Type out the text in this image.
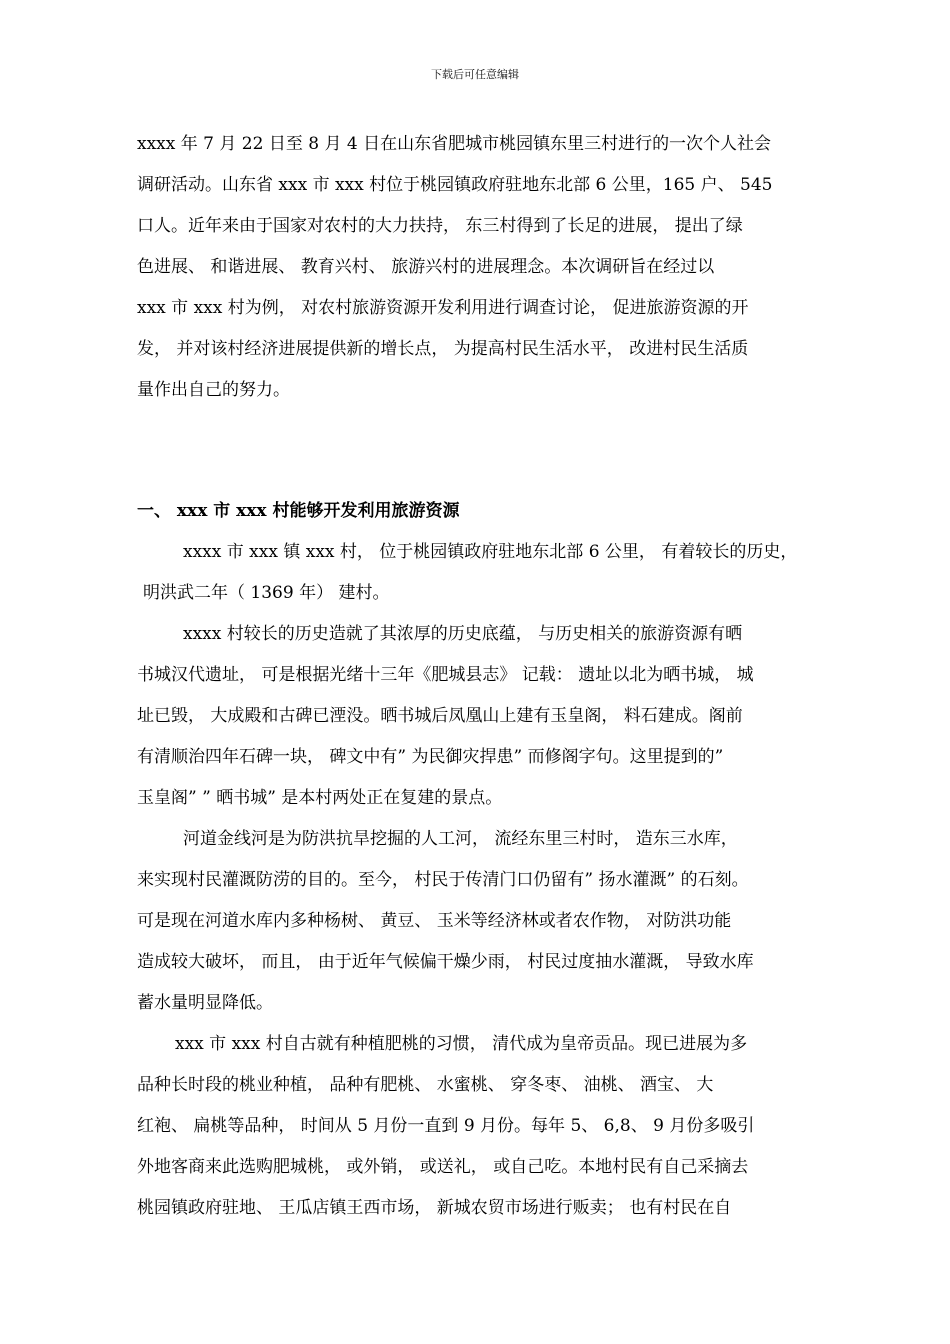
下载后可任意编辑
xxxx 年 7 月 22 日至 8 月 4 日在山东省肥城市桃园镇东里三村进行的一次个人社会
调研活动。山东省 xxx 市 xxx 村位于桃园镇政府驻地东北部 6 公里，165 户、 545
口人。近年来由于国家对农村的大力扶持， 东三村得到了长足的进展， 提出了绿
色进展、 和谐进展、 教育兴村、 旅游兴村的进展理念。本次调研旨在经过以
xxx 市 xxx 村为例， 对农村旅游资源开发利用进行调查讨论， 促进旅游资源的开
发， 并对该村经济进展提供新的增长点， 为提高村民生活水平， 改进村民生活质
量作出自己的努力。
一、 xxx 市 xxx 村能够开发利用旅游资源
xxxx 市 xxx 镇 xxx 村， 位于桃园镇政府驻地东北部 6 公里， 有着较长的历史，
明洪武二年（ 1369 年） 建村。
xxxx 村较长的历史造就了其浓厚的历史底蕴， 与历史相关的旅游资源有晒
书城汉代遗址， 可是根据光绪十三年《肥城县志》 记载： 遗址以北为晒书城， 城
址已毁， 大成殿和古碑已湮没。晒书城后凤凰山上建有玉皇阁， 料石建成。阁前
有清顺治四年石碑一块， 碑文中有” 为民御灾捍患” 而修阁字句。这里提到的”
玉皇阁” ” 晒书城” 是本村两处正在复建的景点。
河道金线河是为防洪抗旱挖掘的人工河， 流经东里三村时， 造东三水库，
来实现村民灌溉防涝的目的。至今， 村民于传清门口仍留有” 扬水灌溉” 的石刻。
可是现在河道水库内多种杨树、 黄豆、 玉米等经济林或者农作物， 对防洪功能
造成较大破坏， 而且， 由于近年气候偏干燥少雨， 村民过度抽水灌溉， 导致水库
蓄水量明显降低。
xxx 市 xxx 村自古就有种植肥桃的习惯， 清代成为皇帝贡品。现已进展为多
品种长时段的桃业种植， 品种有肥桃、 水蜜桃、 穿冬枣、 油桃、 酒宝、 大
红袍、 扁桃等品种， 时间从 5 月份一直到 9 月份。每年 5、 6,8、 9 月份多吸引
外地客商来此选购肥城桃， 或外销， 或送礼， 或自己吃。本地村民有自己采摘去
桃园镇政府驻地、 王瓜店镇王西市场， 新城农贸市场进行贩卖； 也有村民在自
